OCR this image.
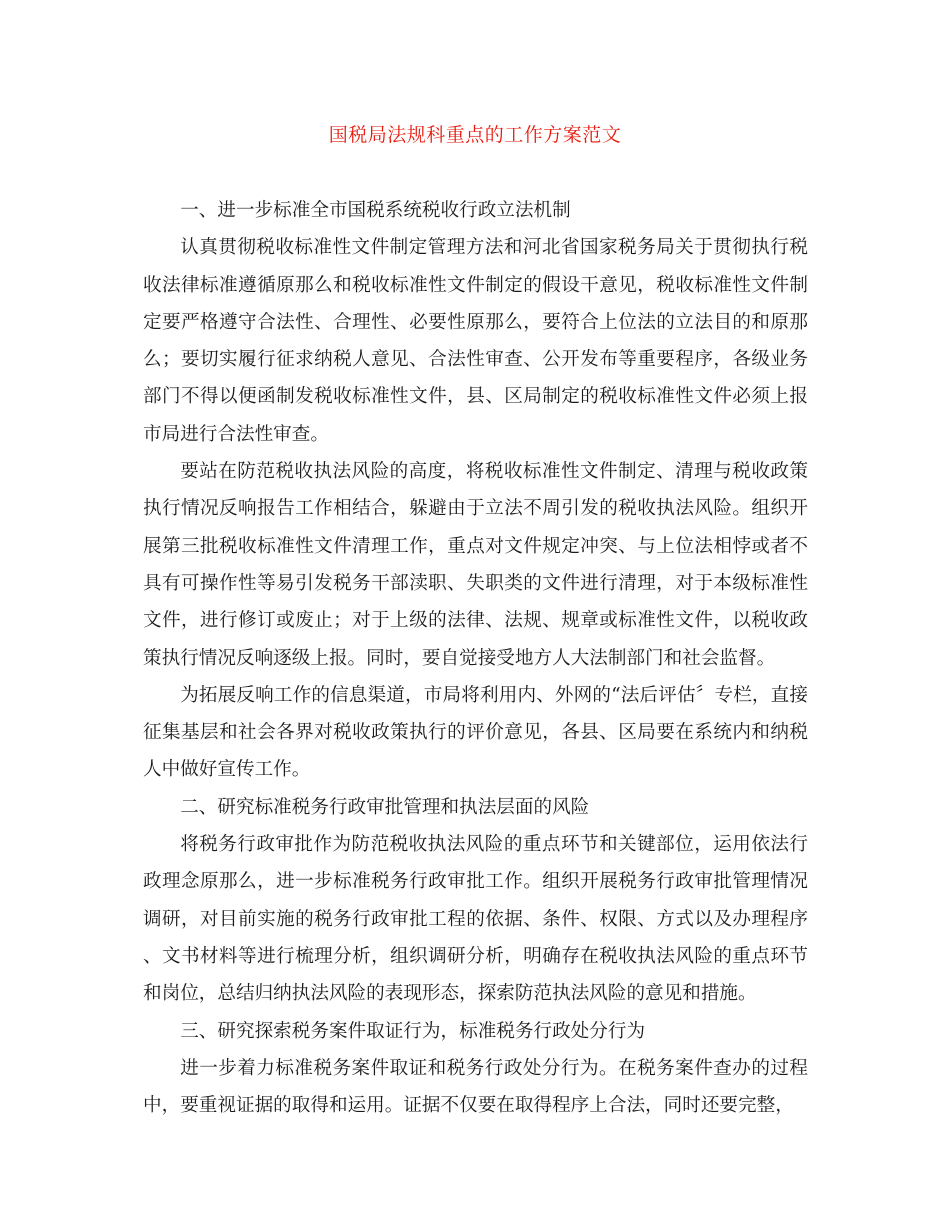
国税局法规科重点的工作方案范文

一、进一步标准全市国税系统税收行政立法机制

认真贯彻税收标准性文件制定管理方法和河北省国家税务局关于贯彻执行税收法律标准遵循原那么和税收标准性文件制定的假设干意见，税收标准性文件制定要严格遵守合法性、合理性、必要性原那么，要符合上位法的立法目的和原那么；要切实履行征求纳税人意见、合法性审查、公开发布等重要程序，各级业务部门不得以便函制发税收标准性文件，县、区局制定的税收标准性文件必须上报市局进行合法性审查。

要站在防范税收执法风险的高度，将税收标准性文件制定、清理与税收政策执行情况反响报告工作相结合，躲避由于立法不周引发的税收执法风险。组织开展第三批税收标准性文件清理工作，重点对文件规定冲突、与上位法相悖或者不具有可操作性等易引发税务干部渎职、失职类的文件进行清理，对于本级标准性文件，进行修订或废止；对于上级的法律、法规、规章或标准性文件，以税收政策执行情况反响逐级上报。同时，要自觉接受地方人大法制部门和社会监督。

为拓展反响工作的信息渠道，市局将利用内、外网的“法后评估〞专栏，直接征集基层和社会各界对税收政策执行的评价意见，各县、区局要在系统内和纳税人中做好宣传工作。

二、研究标准税务行政审批管理和执法层面的风险

将税务行政审批作为防范税收执法风险的重点环节和关键部位，运用依法行政理念原那么，进一步标准税务行政审批工作。组织开展税务行政审批管理情况调研，对目前实施的税务行政审批工程的依据、条件、权限、方式以及办理程序、文书材料等进行梳理分析，组织调研分析，明确存在税收执法风险的重点环节和岗位，总结归纳执法风险的表现形态，探索防范执法风险的意见和措施。

三、研究探索税务案件取证行为，标准税务行政处分行为

进一步着力标准税务案件取证和税务行政处分行为。在税务案件查办的过程中，要重视证据的取得和运用。证据不仅要在取得程序上合法，同时还要完整，
